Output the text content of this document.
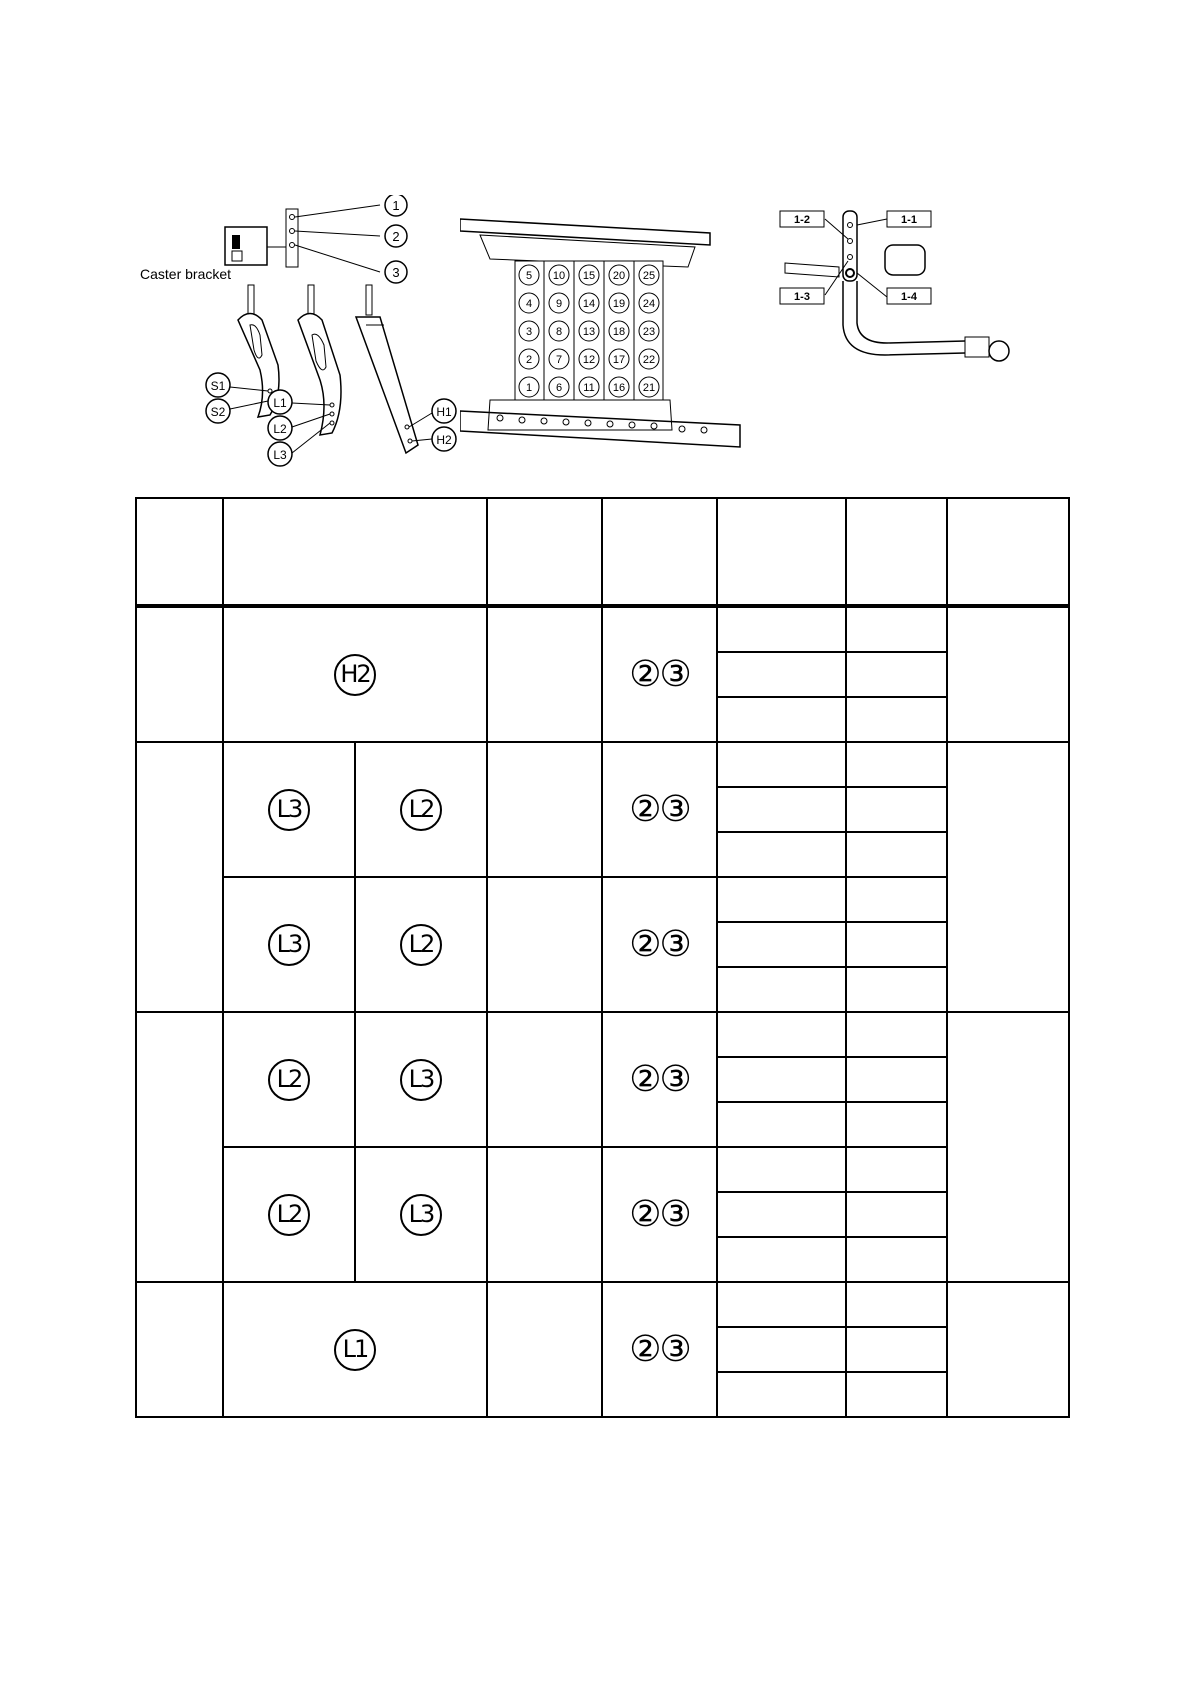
1
2
3
S1
S2
L1
L2
L3
H1
H2
Caster bracket	5 10 15 20 25
4 9 14 19 24
3 8 13 18 23
2 7 12 17 22
1 6 11 16 21
1-2	1-1
1-3	1-4

	H2			②③			

	L3	L2		②③			

	L3	L2		②③			

	L2	L3		②③			

	L2	L3		②③			

	L1			②③			
